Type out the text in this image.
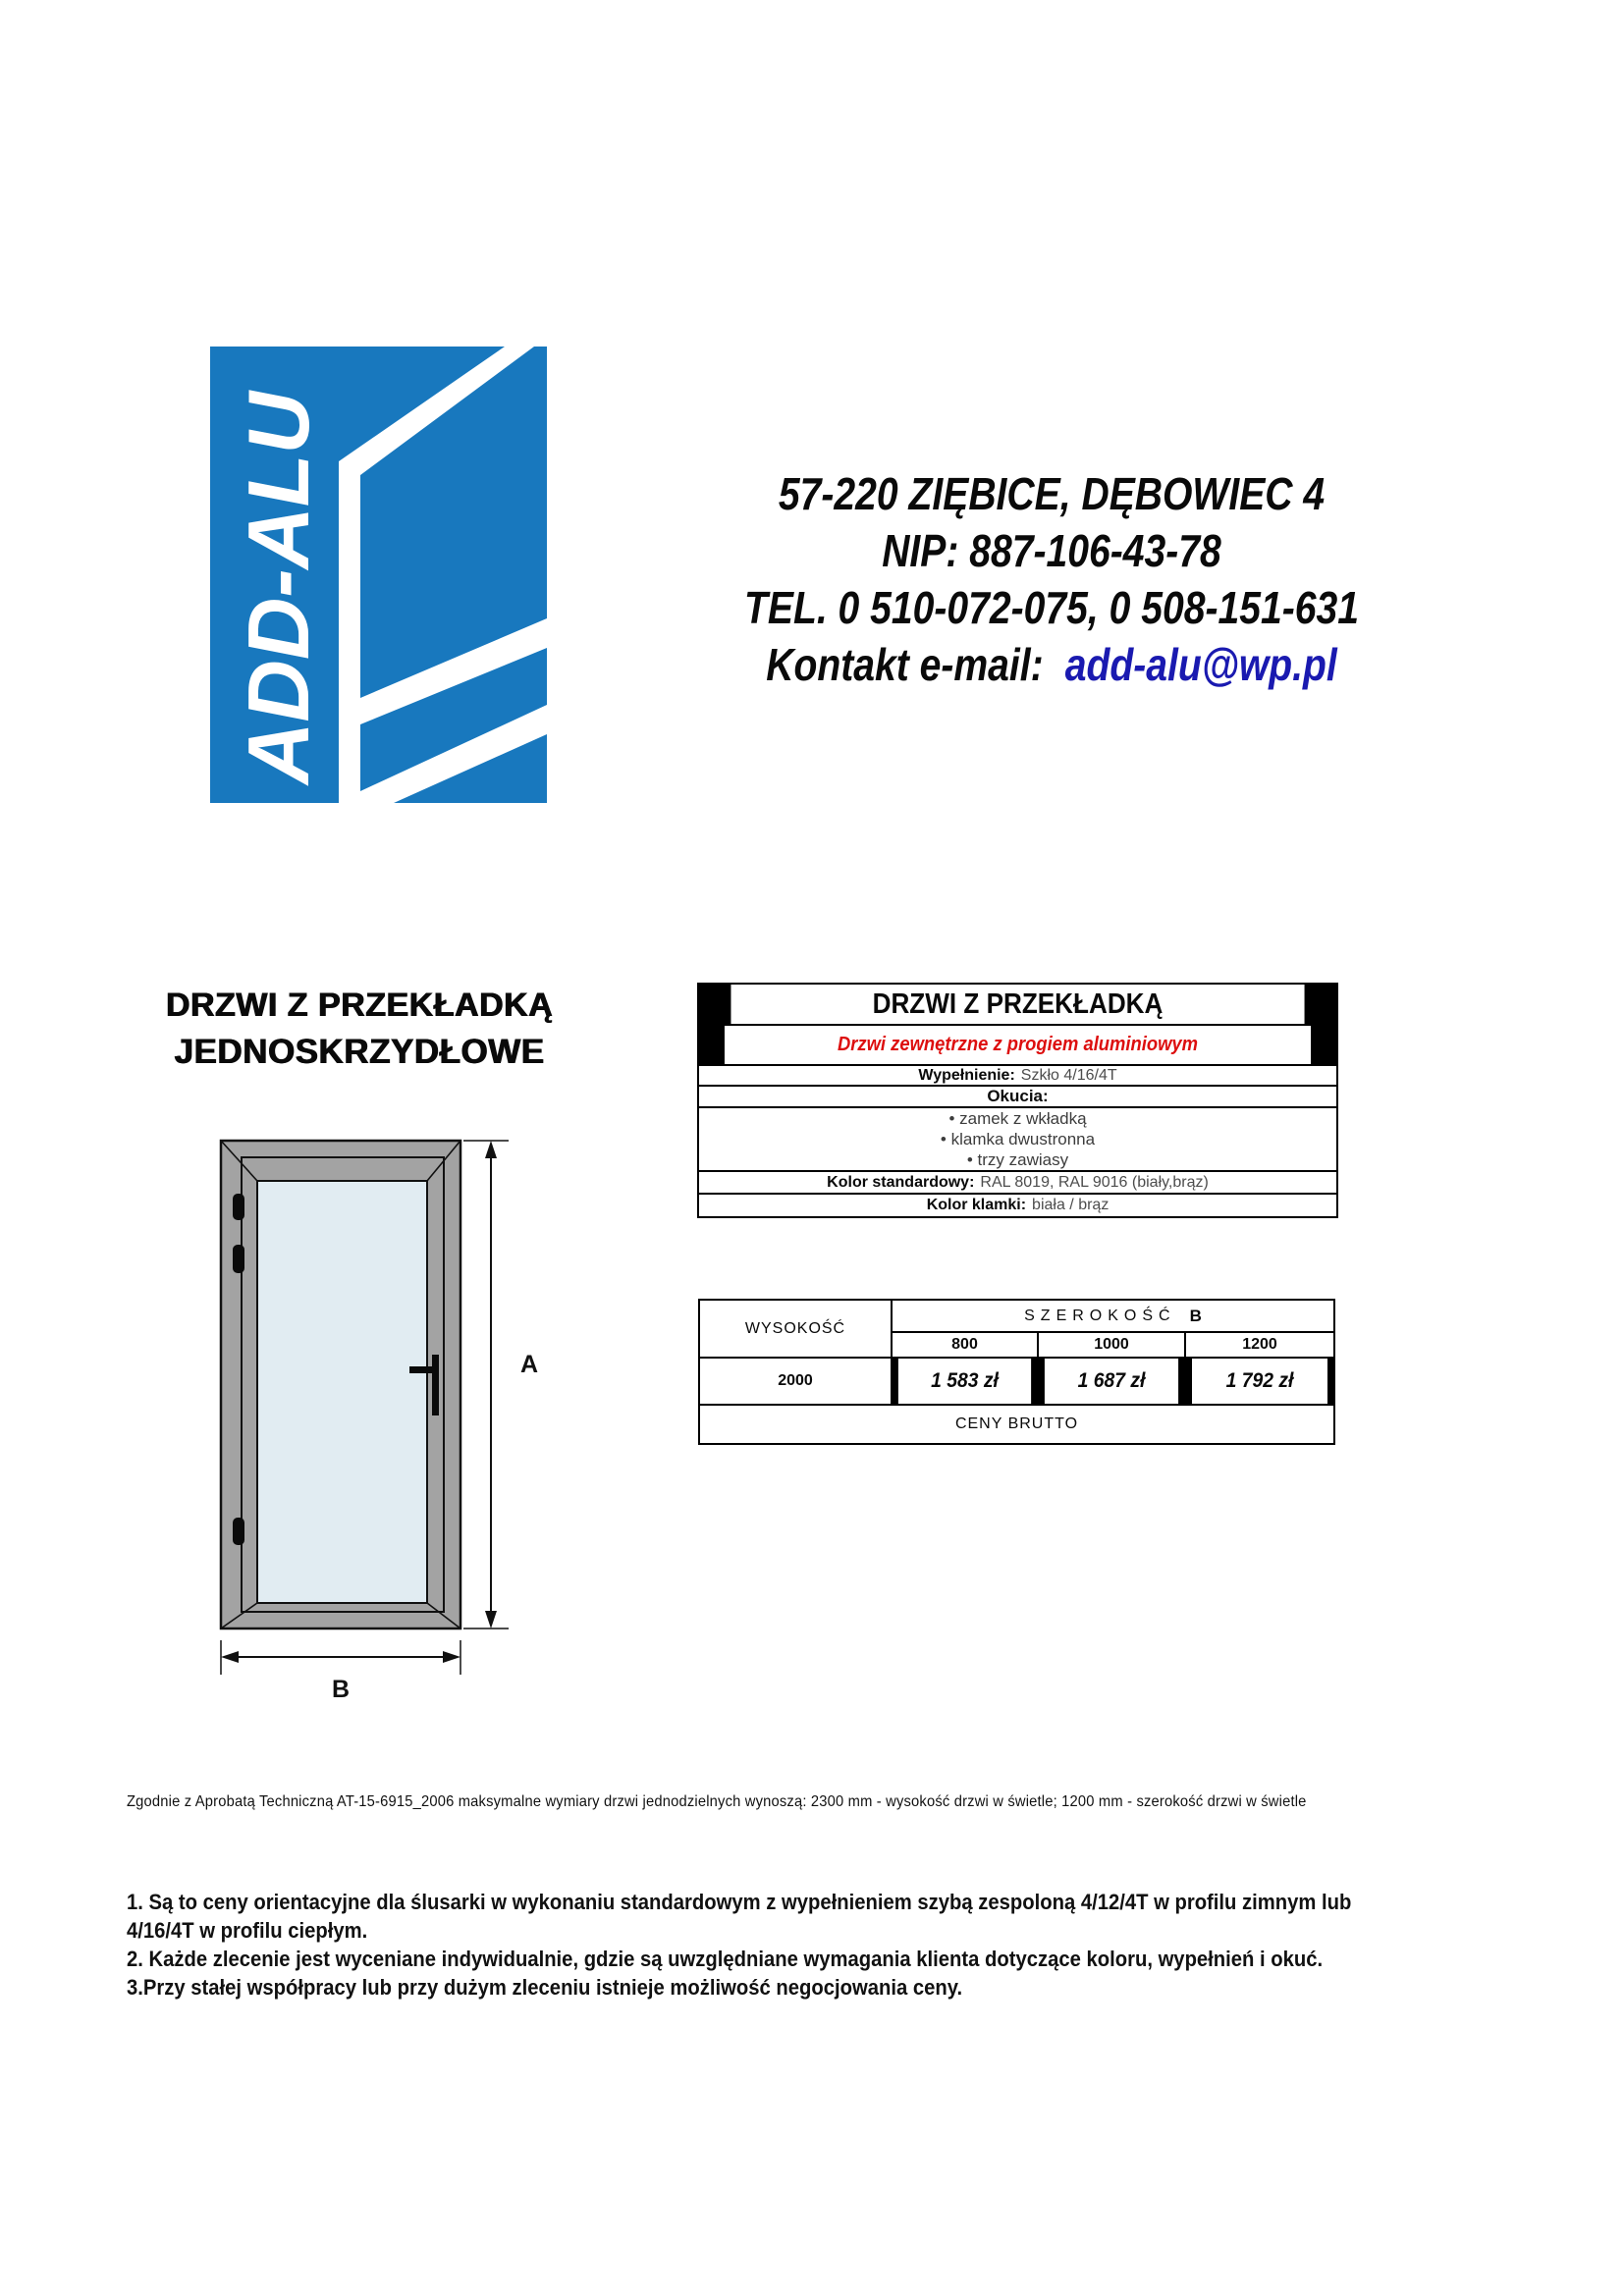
ADD-ALU
57-220 ZIĘBICE, DĘBOWIEC 4
NIP: 887-106-43-78
TEL. 0 510-072-075, 0 508-151-631
Kontakt e-mail: add-alu@wp.pl
DRZWI Z PRZEKŁADKĄ
JEDNOSKRZYDŁOWE
DRZWI Z PRZEKŁADKĄ
Drzwi zewnętrzne z progiem aluminiowym
Wypełnienie: Szkło 4/16/4T
Okucia:
• zamek z wkładką
• klamka dwustronna
• trzy zawiasy
Kolor standardowy: RAL 8019, RAL 9016 (biały,brąz)
Kolor klamki: biała / brąz
A
B
WYSOKOŚĆ
SZEROKOŚĆ B
800	1000	1200
2000	1 583 zł	1 687 zł	1 792 zł
CENY BRUTTO
Zgodnie z Aprobatą Techniczną AT-15-6915_2006 maksymalne wymiary drzwi jednodzielnych wynoszą: 2300 mm - wysokość drzwi w świetle; 1200 mm - szerokość drzwi w świetle
1. Są to ceny orientacyjne dla ślusarki w wykonaniu standardowym z wypełnieniem szybą zespoloną 4/12/4T w profilu zimnym lub
4/16/4T w profilu ciepłym.
2. Każde zlecenie jest wyceniane indywidualnie, gdzie są uwzględniane wymagania klienta dotyczące koloru, wypełnień i okuć.
3.Przy stałej współpracy lub przy dużym zleceniu istnieje możliwość negocjowania ceny.
